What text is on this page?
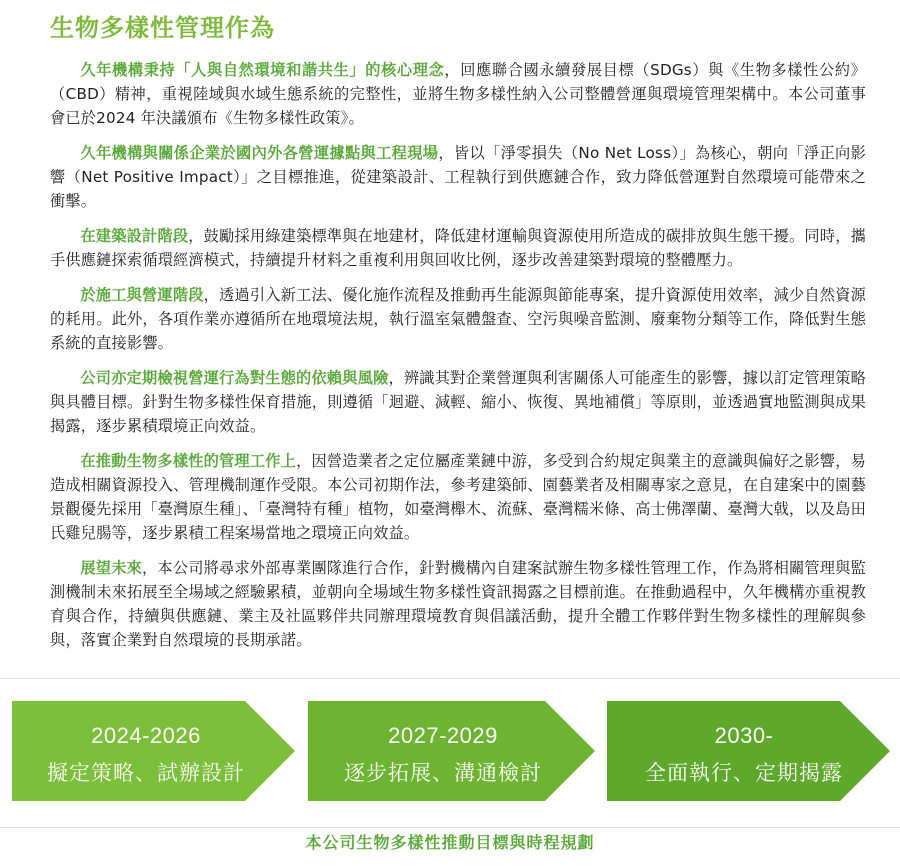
生物多樣性管理作為

久年機構秉持「人與自然環境和諧共生」的核心理念，回應聯合國永續發展目標（SDGs）與《生物多樣性公約》（CBD）精神，重視陸域與水域生態系統的完整性，並將生物多樣性納入公司整體營運與環境管理架構中。本公司董事會已於2024 年決議頒布《生物多樣性政策》。

久年機構與關係企業於國內外各營運據點與工程現場，皆以「淨零損失（No Net Loss）」為核心，朝向「淨正向影響（Net Positive Impact）」之目標推進，從建築設計、工程執行到供應鏈合作，致力降低營運對自然環境可能帶來之衝擊。

在建築設計階段，鼓勵採用綠建築標準與在地建材，降低建材運輸與資源使用所造成的碳排放與生態干擾。同時，攜手供應鏈探索循環經濟模式，持續提升材料之重複利用與回收比例，逐步改善建築對環境的整體壓力。

於施工與營運階段，透過引入新工法、優化施作流程及推動再生能源與節能專案，提升資源使用效率，減少自然資源的耗用。此外，各項作業亦遵循所在地環境法規，執行溫室氣體盤查、空污與噪音監測、廢棄物分類等工作，降低對生態系統的直接影響。

公司亦定期檢視營運行為對生態的依賴與風險，辨識其對企業營運與利害關係人可能產生的影響，據以訂定管理策略與具體目標。針對生物多樣性保育措施，則遵循「迴避、減輕、縮小、恢復、異地補償」等原則，並透過實地監測與成果揭露，逐步累積環境正向效益。

在推動生物多樣性的管理工作上，因營造業者之定位屬產業鏈中游，多受到合約規定與業主的意識與偏好之影響，易造成相關資源投入、管理機制運作受限。本公司初期作法，參考建築師、園藝業者及相關專家之意見，在自建案中的園藝景觀優先採用「臺灣原生種」、「臺灣特有種」植物，如臺灣櫸木、流蘇、臺灣糯米條、高士佛澤蘭、臺灣大戟，以及島田氏雞兒腸等，逐步累積工程案場當地之環境正向效益。

展望未來，本公司將尋求外部專業團隊進行合作，針對機構內自建案試辦生物多樣性管理工作，作為將相關管理與監測機制未來拓展至全場域之經驗累積，並朝向全場域生物多樣性資訊揭露之目標前進。在推動過程中，久年機構亦重視教育與合作，持續與供應鏈、業主及社區夥伴共同辦理環境教育與倡議活動，提升全體工作夥伴對生物多樣性的理解與參與，落實企業對自然環境的長期承諾。

2024-2026
擬定策略、試辦設計
2027-2029
逐步拓展、溝通檢討
2030-
全面執行、定期揭露
本公司生物多樣性推動目標與時程規劃
